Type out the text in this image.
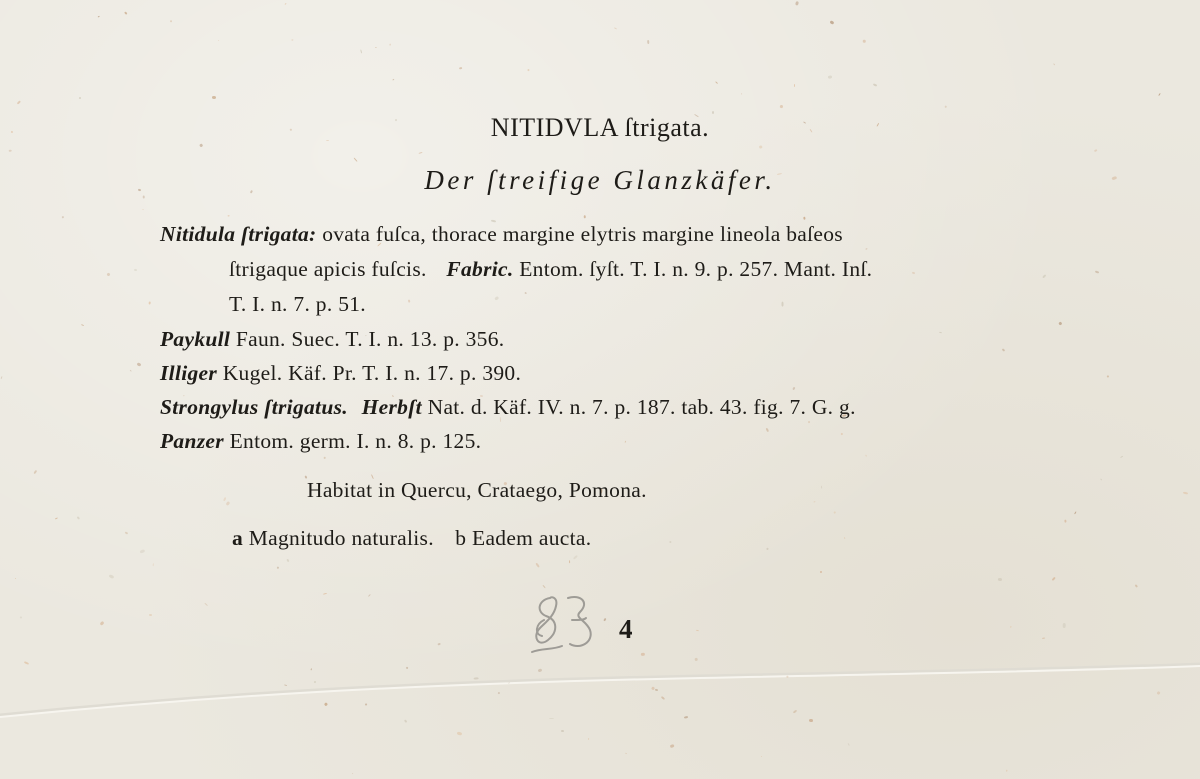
NITIDVLA ſtrigata.
Der ſtreifige Glanzkäfer.
Nitidula ſtrigata: ovata fuſca, thorace margine elytris margine lineola baſeos
ſtrigaque apicis fuſcis. Fabric. Entom. ſyſt. T. I. n. 9. p. 257. Mant. Inſ.
T. I. n. 7. p. 51.
Paykull Faun. Suec. T. I. n. 13. p. 356.
Illiger Kugel. Käf. Pr. T. I. n. 17. p. 390.
Strongylus ſtrigatus. Herbſt Nat. d. Käf. IV. n. 7. p. 187. tab. 43. fig. 7. G. g.
Panzer Entom. germ. I. n. 8. p. 125.
Habitat in Quercu, Crataego, Pomona.
a Magnitudo naturalis. b Eadem aucta.
4
